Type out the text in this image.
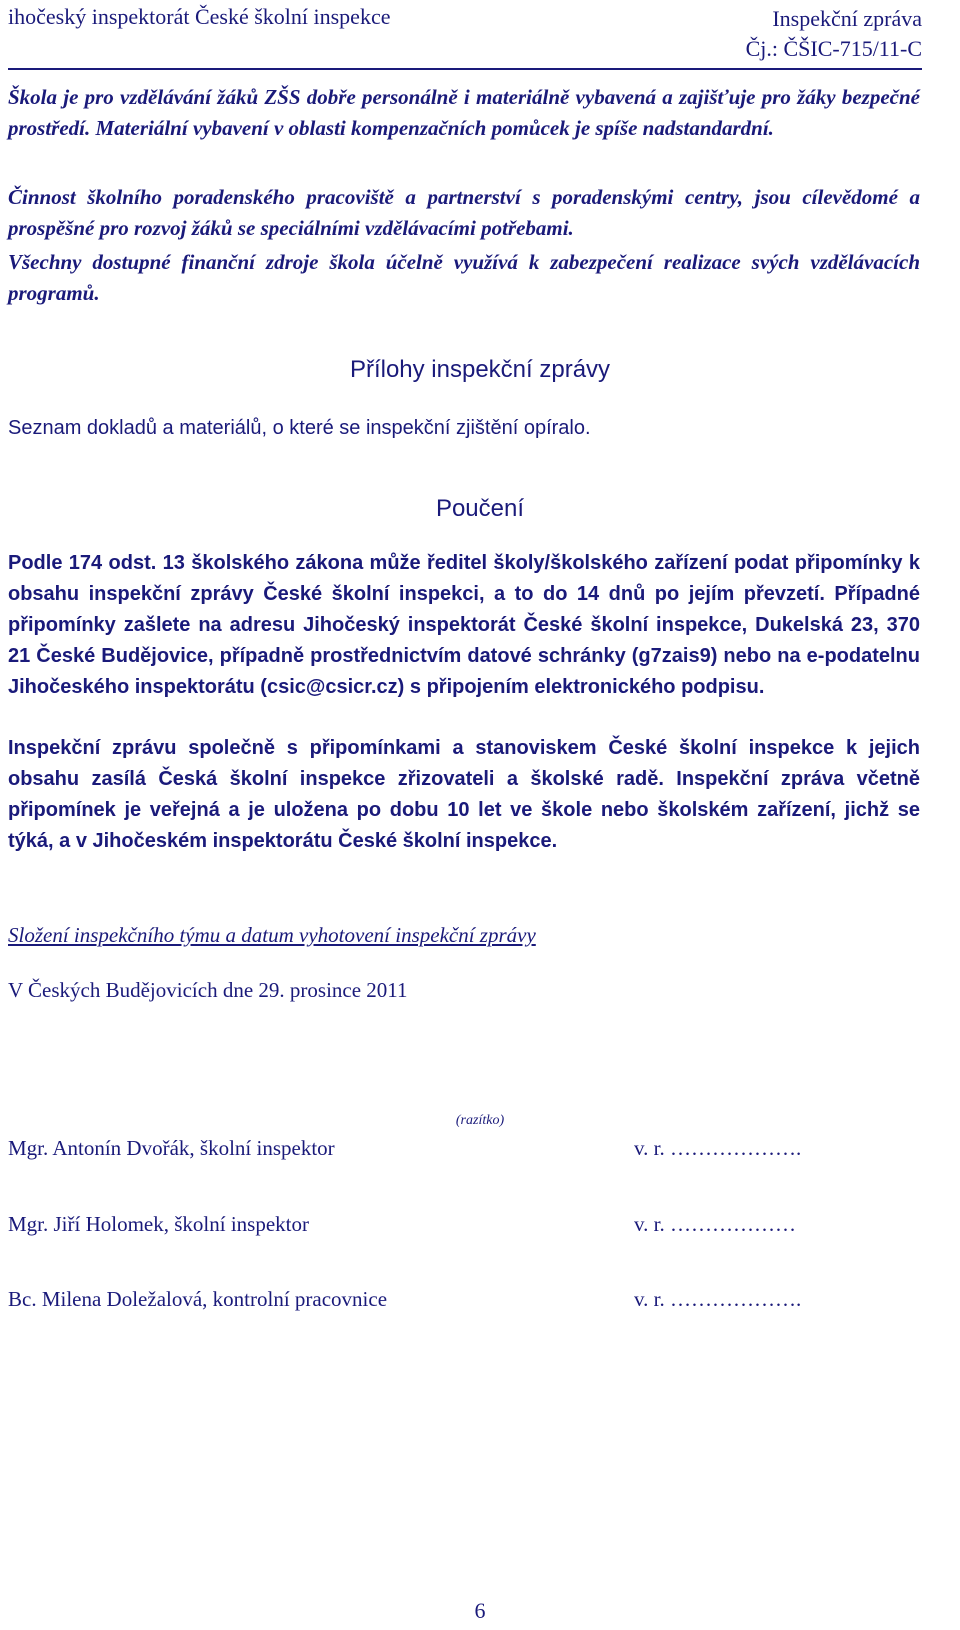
ihočeský inspektorát České školní inspekce	Inspekční zpráva
Čj.: ČŠIC-715/11-C

Škola je pro vzdělávání žáků ZŠS dobře personálně i materiálně vybavená a zajišťuje pro žáky bezpečné prostředí. Materiální vybavení v oblasti kompenzačních pomůcek je spíše nadstandardní.

Činnost školního poradenského pracoviště a partnerství s poradenskými centry, jsou cílevědomé a prospěšné pro rozvoj žáků se speciálními vzdělávacími potřebami.

Všechny dostupné finanční zdroje škola účelně využívá k zabezpečení realizace svých vzdělávacích programů.

Přílohy inspekční zprávy
Seznam dokladů a materiálů, o které se inspekční zjištění opíralo.
Poučení

Podle 174 odst. 13 školského zákona může ředitel školy/školského zařízení podat připomínky k obsahu inspekční zprávy České školní inspekci, a to do 14 dnů po jejím převzetí. Případné připomínky zašlete na adresu Jihočeský inspektorát České školní inspekce, Dukelská 23, 370 21 České Budějovice, případně prostřednictvím datové schránky (g7zais9) nebo na e-podatelnu Jihočeského inspektorátu (csic@csicr.cz) s připojením elektronického podpisu.

Inspekční zprávu společně s připomínkami a stanoviskem České školní inspekce k jejich obsahu zasílá Česká školní inspekce zřizovateli a školské radě. Inspekční zpráva včetně připomínek je veřejná a je uložena po dobu 10 let ve škole nebo školském zařízení, jichž se týká, a v Jihočeském inspektorátu České školní inspekce.

Složení inspekčního týmu a datum vyhotovení inspekční zprávy
V Českých Budějovicích dne 29. prosince 2011
(razítko)
Mgr. Antonín Dvořák, školní inspektor	v. r. ……………….
Mgr. Jiří Holomek, školní inspektor	v. r. ………………
Bc. Milena Doležalová, kontrolní pracovnice	v. r. ……………….
6
